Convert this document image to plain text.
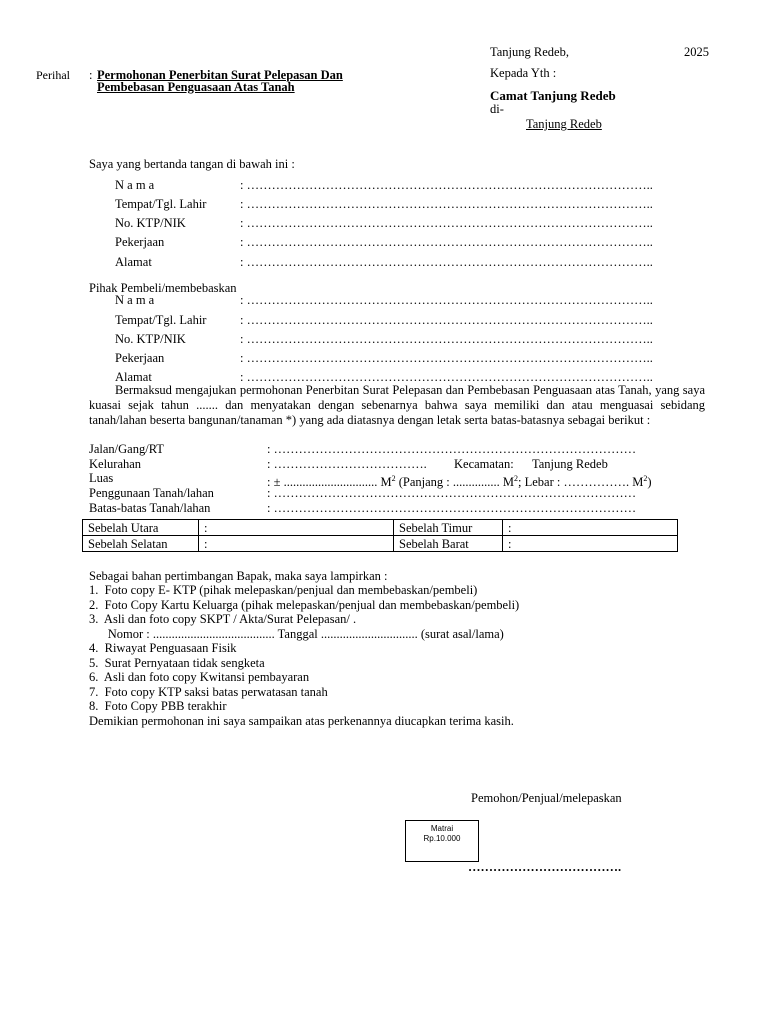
Tanjung Redeb,	2025
Kepada Yth :
Camat Tanjung Redeb
di-
Tanjung Redeb
Perihal : Permohonan Penerbitan Surat Pelepasan Dan
Pembebasan Penguasaan Atas Tanah
Saya yang bertanda tangan di bawah ini :
N a m a	: ……………………………………………………………………………………..
Tempat/Tgl. Lahir	: ……………………………………………………………………………………..
No. KTP/NIK	: ……………………………………………………………………………………..
Pekerjaan	: ……………………………………………………………………………………..
Alamat	: ……………………………………………………………………………………..
Pihak Pembeli/membebaskan
N a m a	: ……………………………………………………………………………………..
Tempat/Tgl. Lahir	: ……………………………………………………………………………………..
No. KTP/NIK	: ……………………………………………………………………………………..
Pekerjaan	: ……………………………………………………………………………………..
Alamat	: ……………………………………………………………………………………..
Bermaksud mengajukan permohonan Penerbitan Surat Pelepasan dan Pembebasan Penguasaan atas Tanah, yang saya kuasai sejak tahun ....... dan menyatakan dengan sebenarnya bahwa saya memiliki dan atau menguasai sebidang tanah/lahan beserta bangunan/tanaman *) yang ada diatasnya dengan letak serta batas-batasnya sebagai berikut :
Jalan/Gang/RT	: ……………………………………………………………………………
Kelurahan	: ………………………………. Kecamatan: Tanjung Redeb
Luas	: ± .............................. $M^2$ (Panjang : ............... $M^2$; Lebar : ……………. $M^2$)
Penggunaan Tanah/lahan	: ……………………………………………………………………………
Batas-batas Tanah/lahan	: ……………………………………………………………………………
Sebelah Utara	:	Sebelah Timur	:
Sebelah Selatan	:	Sebelah Barat	:
Sebagai bahan pertimbangan Bapak, maka saya lampirkan :
1.  Foto copy E- KTP (pihak melepaskan/penjual dan membebaskan/pembeli)
2.  Foto Copy Kartu Keluarga (pihak melepaskan/penjual dan membebaskan/pembeli)
3.  Asli dan foto copy SKPT / Akta/Surat Pelepasan/ .
Nomor : ....................................... Tanggal ............................... (surat asal/lama)
4.  Riwayat Penguasaan Fisik
5.  Surat Pernyataan tidak sengketa
6.  Asli dan foto copy Kwitansi pembayaran
7.  Foto copy KTP saksi batas perwatasan tanah
8.  Foto Copy PBB terakhir
Demikian permohonan ini saya sampaikan atas perkenannya diucapkan terima kasih.
Pemohon/Penjual/melepaskan
Matrai
Rp.10.000
……………………………….
